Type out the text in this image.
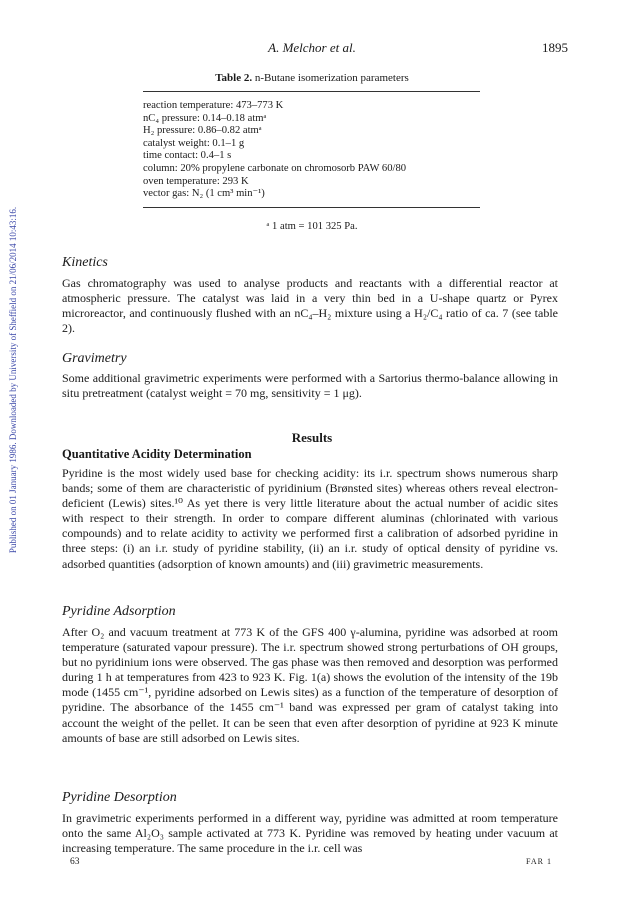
Published on 01 January 1986. Downloaded by University of Sheffield on 21/06/2014 10:43:16.
A. Melchor et al.	1895
Table 2. n-Butane isomerization parameters
reaction temperature: 473–773 K
nC₄ pressure: 0.14–0.18 atmᵃ
H₂ pressure: 0.86–0.82 atmᵃ
catalyst weight: 0.1–1 g
time contact: 0.4–1 s
column: 20% propylene carbonate on chromosorb PAW 60/80
oven temperature: 293 K
vector gas: N₂ (1 cm³ min⁻¹)
ᵃ 1 atm = 101 325 Pa.
Kinetics
Gas chromatography was used to analyse products and reactants with a differential reactor at atmospheric pressure. The catalyst was laid in a very thin bed in a U-shape quartz or Pyrex microreactor, and continuously flushed with an nC₄–H₂ mixture using a H₂/C₄ ratio of ca. 7 (see table 2).
Gravimetry
Some additional gravimetric experiments were performed with a Sartorius thermo-balance allowing in situ pretreatment (catalyst weight = 70 mg, sensitivity = 1 μg).
Results
Quantitative Acidity Determination
Pyridine is the most widely used base for checking acidity: its i.r. spectrum shows numerous sharp bands; some of them are characteristic of pyridinium (Brønsted sites) whereas others reveal electron-deficient (Lewis) sites.¹⁰ As yet there is very little literature about the actual number of acidic sites with respect to their strength. In order to compare different aluminas (chlorinated with various compounds) and to relate acidity to activity we performed first a calibration of adsorbed pyridine in three steps: (i) an i.r. study of pyridine stability, (ii) an i.r. study of optical density of pyridine vs. adsorbed quantities (adsorption of known amounts) and (iii) gravimetric measurements.
Pyridine Adsorption
After O₂ and vacuum treatment at 773 K of the GFS 400 γ-alumina, pyridine was adsorbed at room temperature (saturated vapour pressure). The i.r. spectrum showed strong perturbations of OH groups, but no pyridinium ions were observed. The gas phase was then removed and desorption was performed during 1 h at temperatures from 423 to 923 K. Fig. 1(a) shows the evolution of the intensity of the 19b mode (1455 cm⁻¹, pyridine adsorbed on Lewis sites) as a function of the temperature of desorption of pyridine. The absorbance of the 1455 cm⁻¹ band was expressed per gram of catalyst taking into account the weight of the pellet. It can be seen that even after desorption of pyridine at 923 K minute amounts of base are still adsorbed on Lewis sites.
Pyridine Desorption
In gravimetric experiments performed in a different way, pyridine was admitted at room temperature onto the same Al₂O₃ sample activated at 773 K. Pyridine was removed by heating under vacuum at increasing temperature. The same procedure in the i.r. cell was
63	FAR 1
